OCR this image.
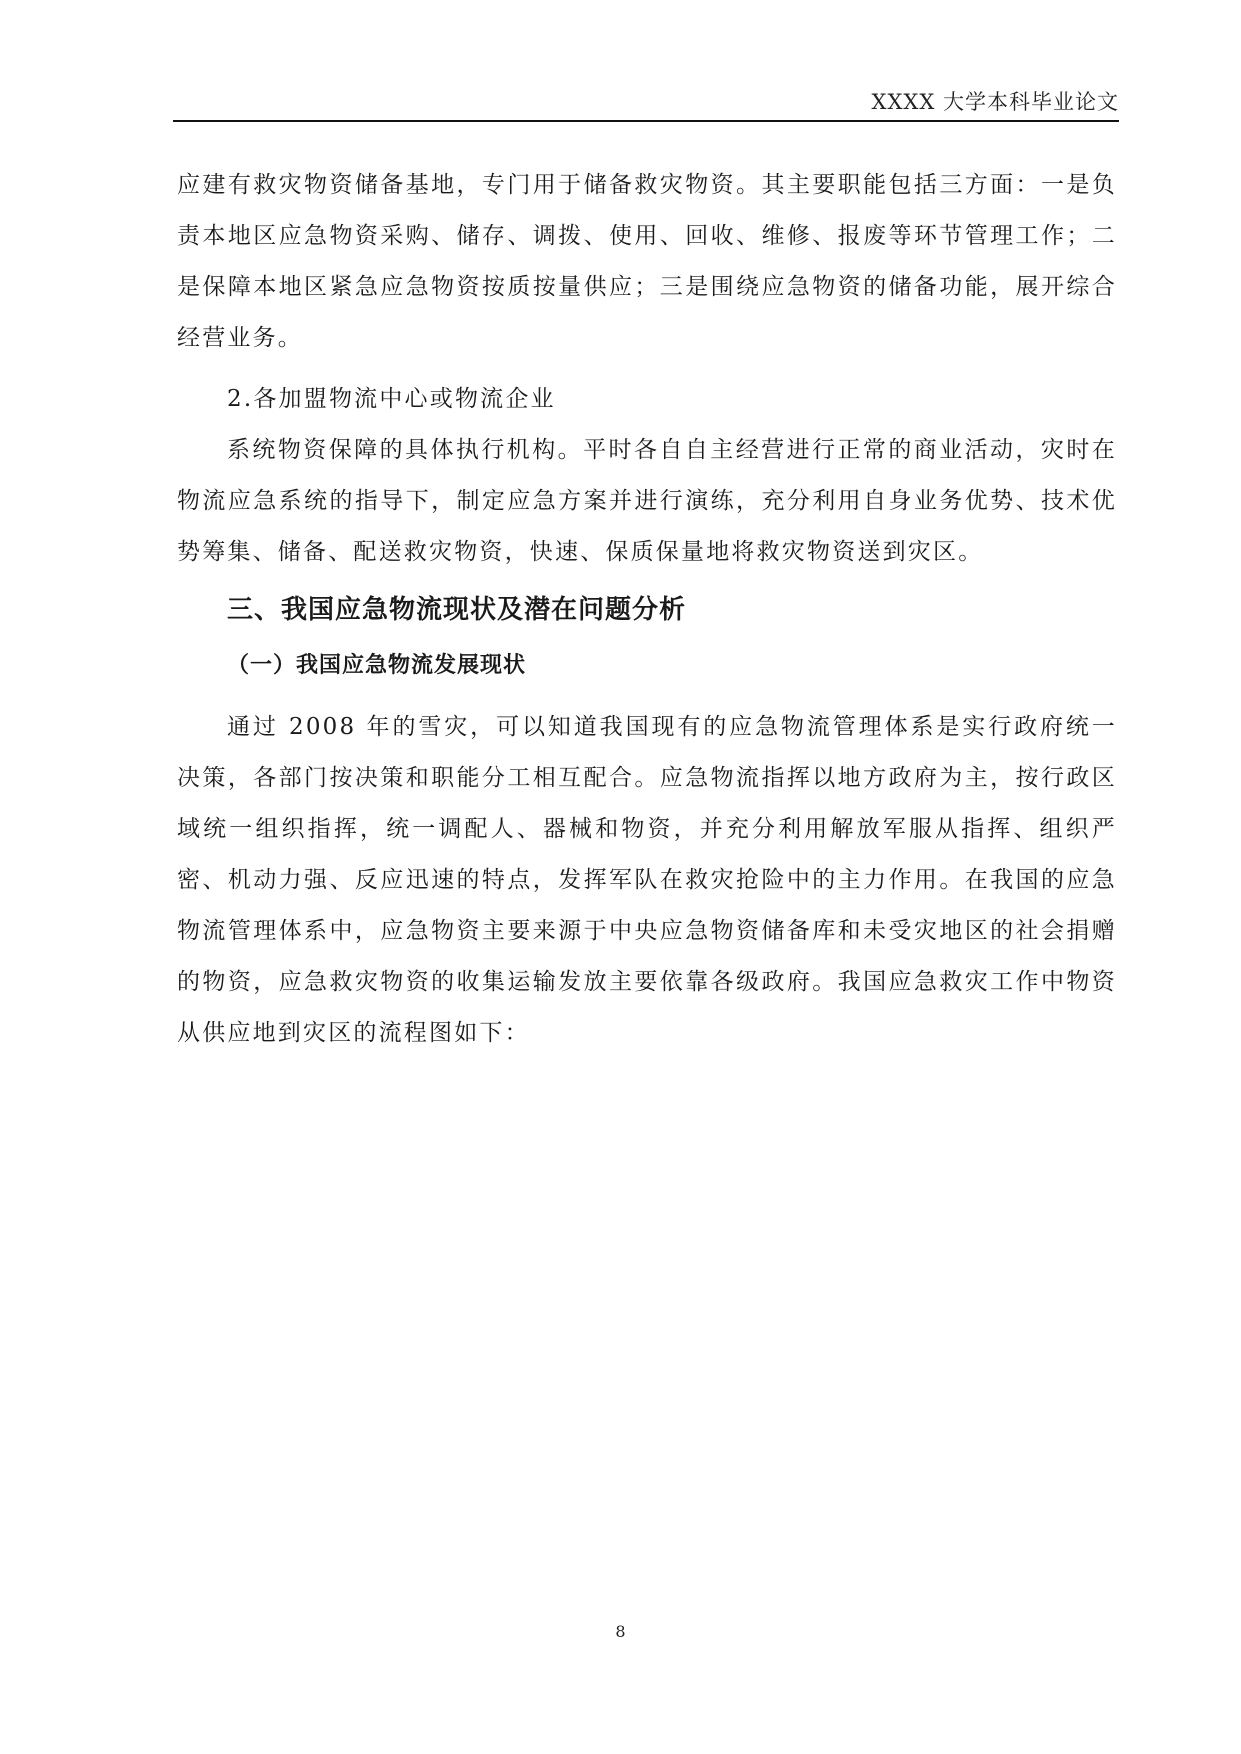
XXXX 大学本科毕业论文

应建有救灾物资储备基地，专门用于储备救灾物资。其主要职能包括三方面：一是负责本地区应急物资采购、储存、调拨、使用、回收、维修、报废等环节管理工作；二是保障本地区紧急应急物资按质按量供应；三是围绕应急物资的储备功能，展开综合经营业务。

2.各加盟物流中心或物流企业

系统物资保障的具体执行机构。平时各自自主经营进行正常的商业活动，灾时在物流应急系统的指导下，制定应急方案并进行演练，充分利用自身业务优势、技术优势筹集、储备、配送救灾物资，快速、保质保量地将救灾物资送到灾区。

三、我国应急物流现状及潜在问题分析
（一）我国应急物流发展现状

通过 2008 年的雪灾，可以知道我国现有的应急物流管理体系是实行政府统一决策，各部门按决策和职能分工相互配合。应急物流指挥以地方政府为主，按行政区域统一组织指挥，统一调配人、器械和物资，并充分利用解放军服从指挥、组织严密、机动力强、反应迅速的特点，发挥军队在救灾抢险中的主力作用。在我国的应急物流管理体系中，应急物资主要来源于中央应急物资储备库和未受灾地区的社会捐赠的物资，应急救灾物资的收集运输发放主要依靠各级政府。我国应急救灾工作中物资从供应地到灾区的流程图如下：

8
